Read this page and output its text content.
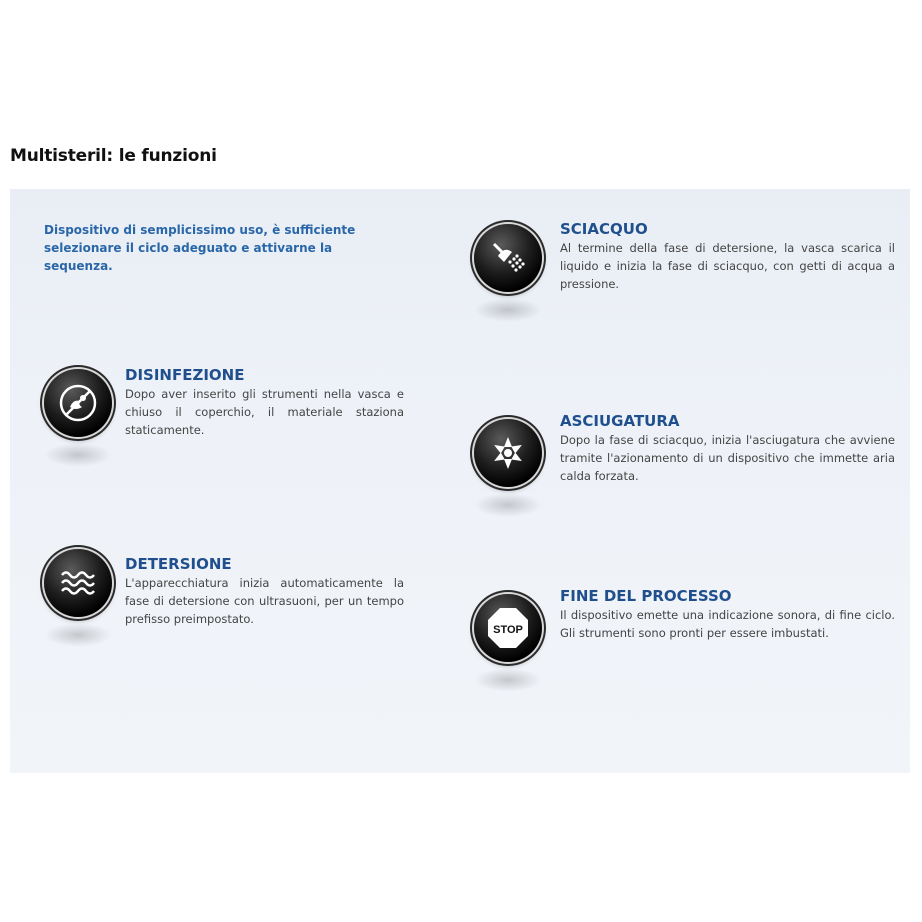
Multisteril: le funzioni
Dispositivo di semplicissimo uso, è sufficiente selezionare il ciclo adeguato e attivarne la sequenza.
DISINFEZIONE
Dopo aver inserito gli strumenti nella vasca e chiuso il coperchio, il materiale staziona staticamente.
DETERSIONE
L'apparecchiatura inizia automaticamente la fase di detersione con ultrasuoni, per un tempo prefisso preimpostato.
SCIACQUO
Al termine della fase di detersione, la vasca scarica il liquido e inizia la fase di sciacquo, con getti di acqua a pressione.
ASCIUGATURA
Dopo la fase di sciacquo, inizia l'asciugatura che avviene tramite l'azionamento di un dispositivo che immette aria calda forzata.
STOP
FINE DEL PROCESSO
Il dispositivo emette una indicazione sonora, di fine ciclo. Gli strumenti sono pronti per essere imbustati.
